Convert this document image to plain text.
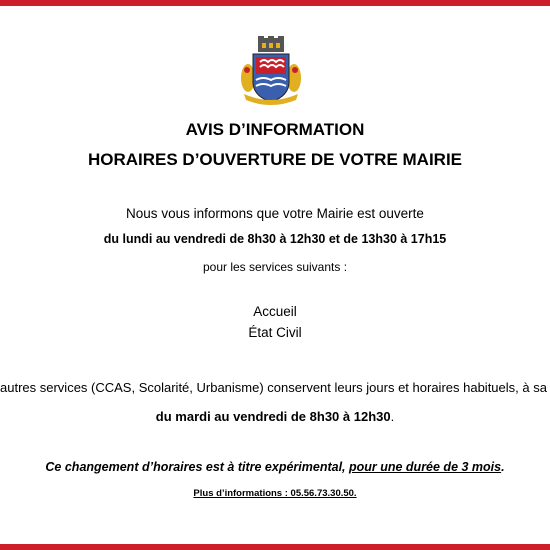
AVIS D’INFORMATION
HORAIRES D’OUVERTURE DE VOTRE MAIRIE
Nous vous informons que votre Mairie est ouverte
du lundi au vendredi de 8h30 à 12h30 et de 13h30 à 17h15
pour les services suivants :
Accueil
État Civil
autres services (CCAS, Scolarité, Urbanisme) conservent leurs jours et horaires habituels, à sa
du mardi au vendredi de 8h30 à 12h30.
Ce changement d’horaires est à titre expérimental, pour une durée de 3 mois.
Plus d’informations : 05.56.73.30.50.
